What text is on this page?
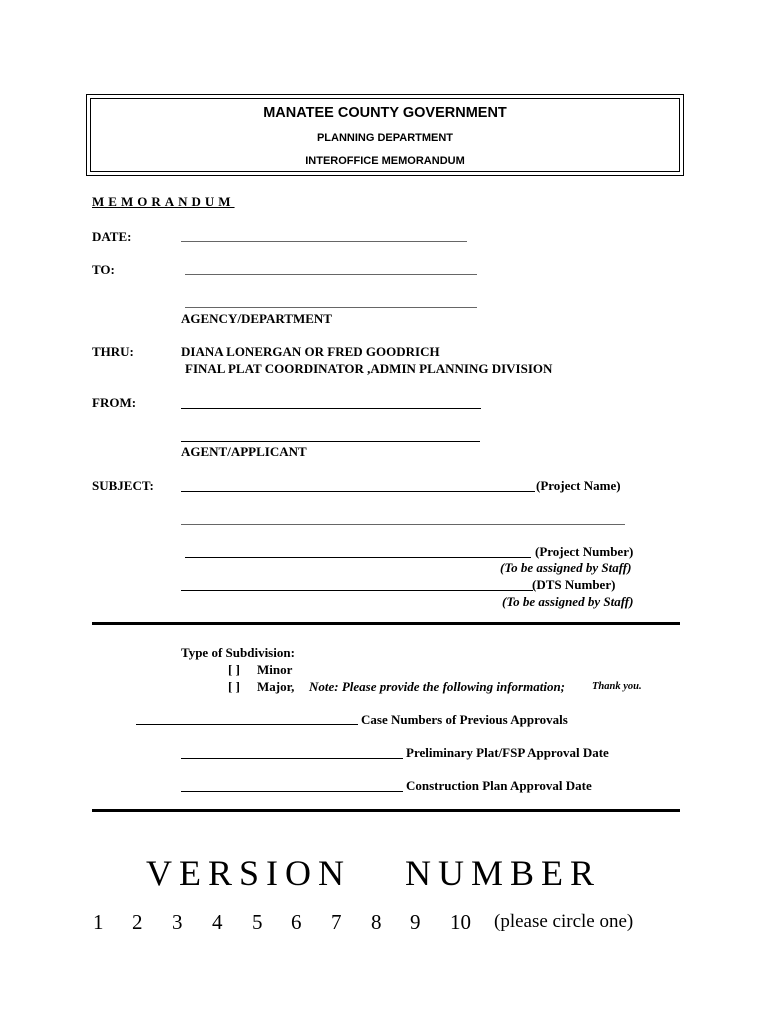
MANATEE COUNTY GOVERNMENT
PLANNING DEPARTMENT
INTEROFFICE MEMORANDUM
MEMORANDUM
DATE:
TO:
AGENCY/DEPARTMENT
THRU:	DIANA LONERGAN OR FRED GOODRICH
FINAL PLAT COORDINATOR ,ADMIN PLANNING DIVISION
FROM:
AGENT/APPLICANT
SUBJECT:	(Project Name)
(Project Number)
(To be assigned by Staff)
(DTS Number)
(To be assigned by Staff)
Type of Subdivision:
[ ] Minor
[ ] Major, Note: Please provide the following information;	Thank you.
Case Numbers of Previous Approvals
Preliminary Plat/FSP Approval Date
Construction Plan Approval Date
VERSION NUMBER
1 2 3 4 5 6 7 8 9 10 (please circle one)
